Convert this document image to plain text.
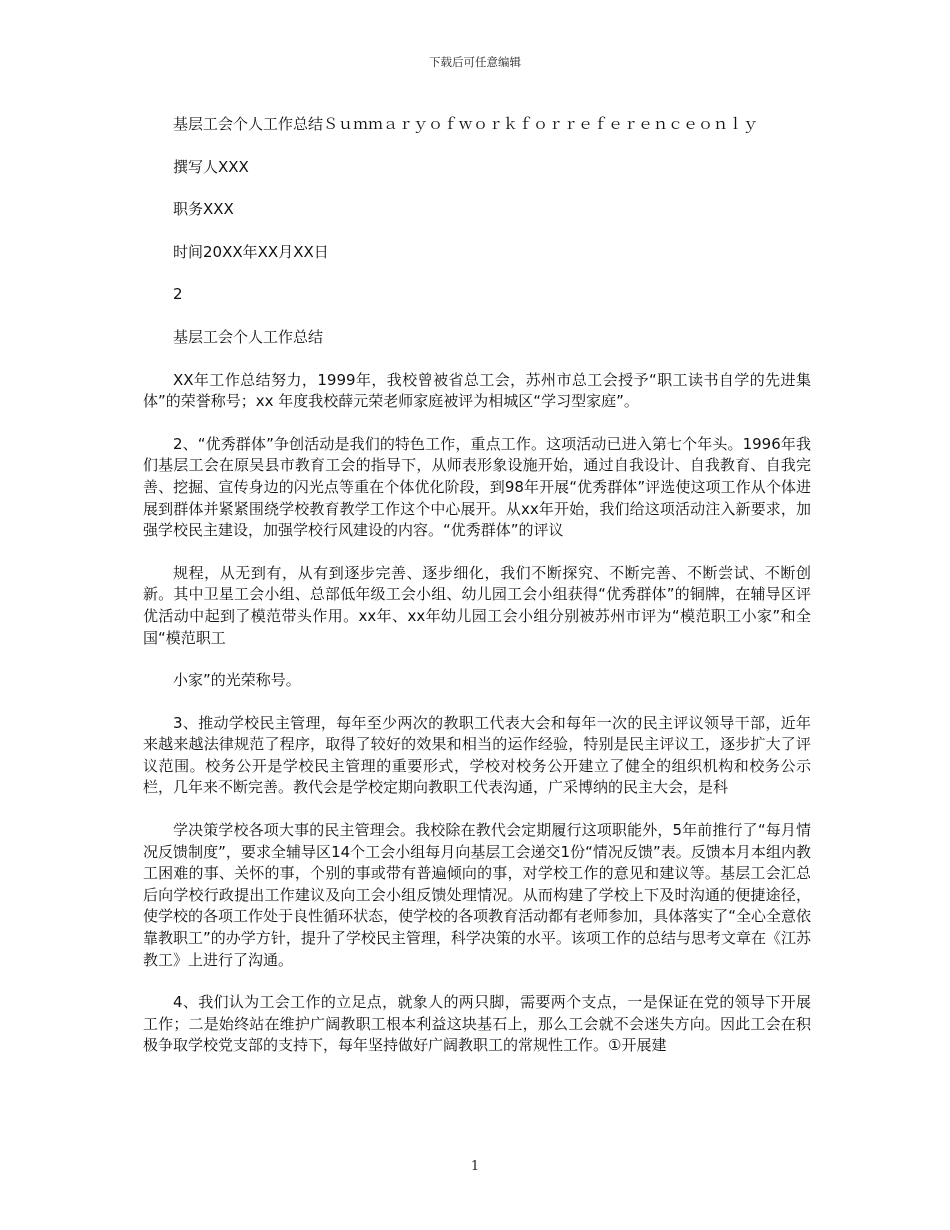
下载后可任意编辑

基层工会个人工作总结Ｓｕｍｍａｒｙｏｆｗｏｒｋｆｏｒｒｅｆｅｒｅｎｃｅｏｎｌｙ

撰写人XXX

职务XXX

时间20XX年XX月XX日

2

基层工会个人工作总结

XX年工作总结努力，1999年，我校曾被省总工会，苏州市总工会授予“职工读书自学的先进集体”的荣誉称号；xx 年度我校薛元荣老师家庭被评为相城区“学习型家庭”。

2、“优秀群体”争创活动是我们的特色工作，重点工作。这项活动已进入第七个年头。1996年我们基层工会在原吴县市教育工会的指导下，从师表形象设施开始，通过自我设计、自我教育、自我完善、挖掘、宣传身边的闪光点等重在个体优化阶段，到98年开展“优秀群体”评选使这项工作从个体进展到群体并紧紧围绕学校教育教学工作这个中心展开。从xx年开始，我们给这项活动注入新要求，加强学校民主建设，加强学校行风建设的内容。“优秀群体”的评议

规程，从无到有，从有到逐步完善、逐步细化，我们不断探究、不断完善、不断尝试、不断创新。其中卫星工会小组、总部低年级工会小组、幼儿园工会小组获得“优秀群体”的铜牌，在辅导区评优活动中起到了模范带头作用。xx年、xx年幼儿园工会小组分别被苏州市评为“模范职工小家”和全国“模范职工

小家”的光荣称号。

3、推动学校民主管理，每年至少两次的教职工代表大会和每年一次的民主评议领导干部，近年来越来越法律规范了程序，取得了较好的效果和相当的运作经验，特别是民主评议工，逐步扩大了评议范围。校务公开是学校民主管理的重要形式，学校对校务公开建立了健全的组织机构和校务公示栏，几年来不断完善。教代会是学校定期向教职工代表沟通，广采博纳的民主大会，是科

学决策学校各项大事的民主管理会。我校除在教代会定期履行这项职能外，5年前推行了“每月情况反馈制度”，要求全辅导区14个工会小组每月向基层工会递交1份“情况反馈”表。反馈本月本组内教工困难的事、关怀的事，个别的事或带有普遍倾向的事，对学校工作的意见和建议等。基层工会汇总后向学校行政提出工作建议及向工会小组反馈处理情况。从而构建了学校上下及时沟通的便捷途径，使学校的各项工作处于良性循环状态，使学校的各项教育活动都有老师参加，具体落实了“全心全意依靠教职工”的办学方针，提升了学校民主管理，科学决策的水平。该项工作的总结与思考文章在《江苏教工》上进行了沟通。

4、我们认为工会工作的立足点，就象人的两只脚，需要两个支点，一是保证在党的领导下开展工作；二是始终站在维护广阔教职工根本利益这块基石上，那么工会就不会迷失方向。因此工会在积极争取学校党支部的支持下，每年坚持做好广阔教职工的常规性工作。①开展建

1
